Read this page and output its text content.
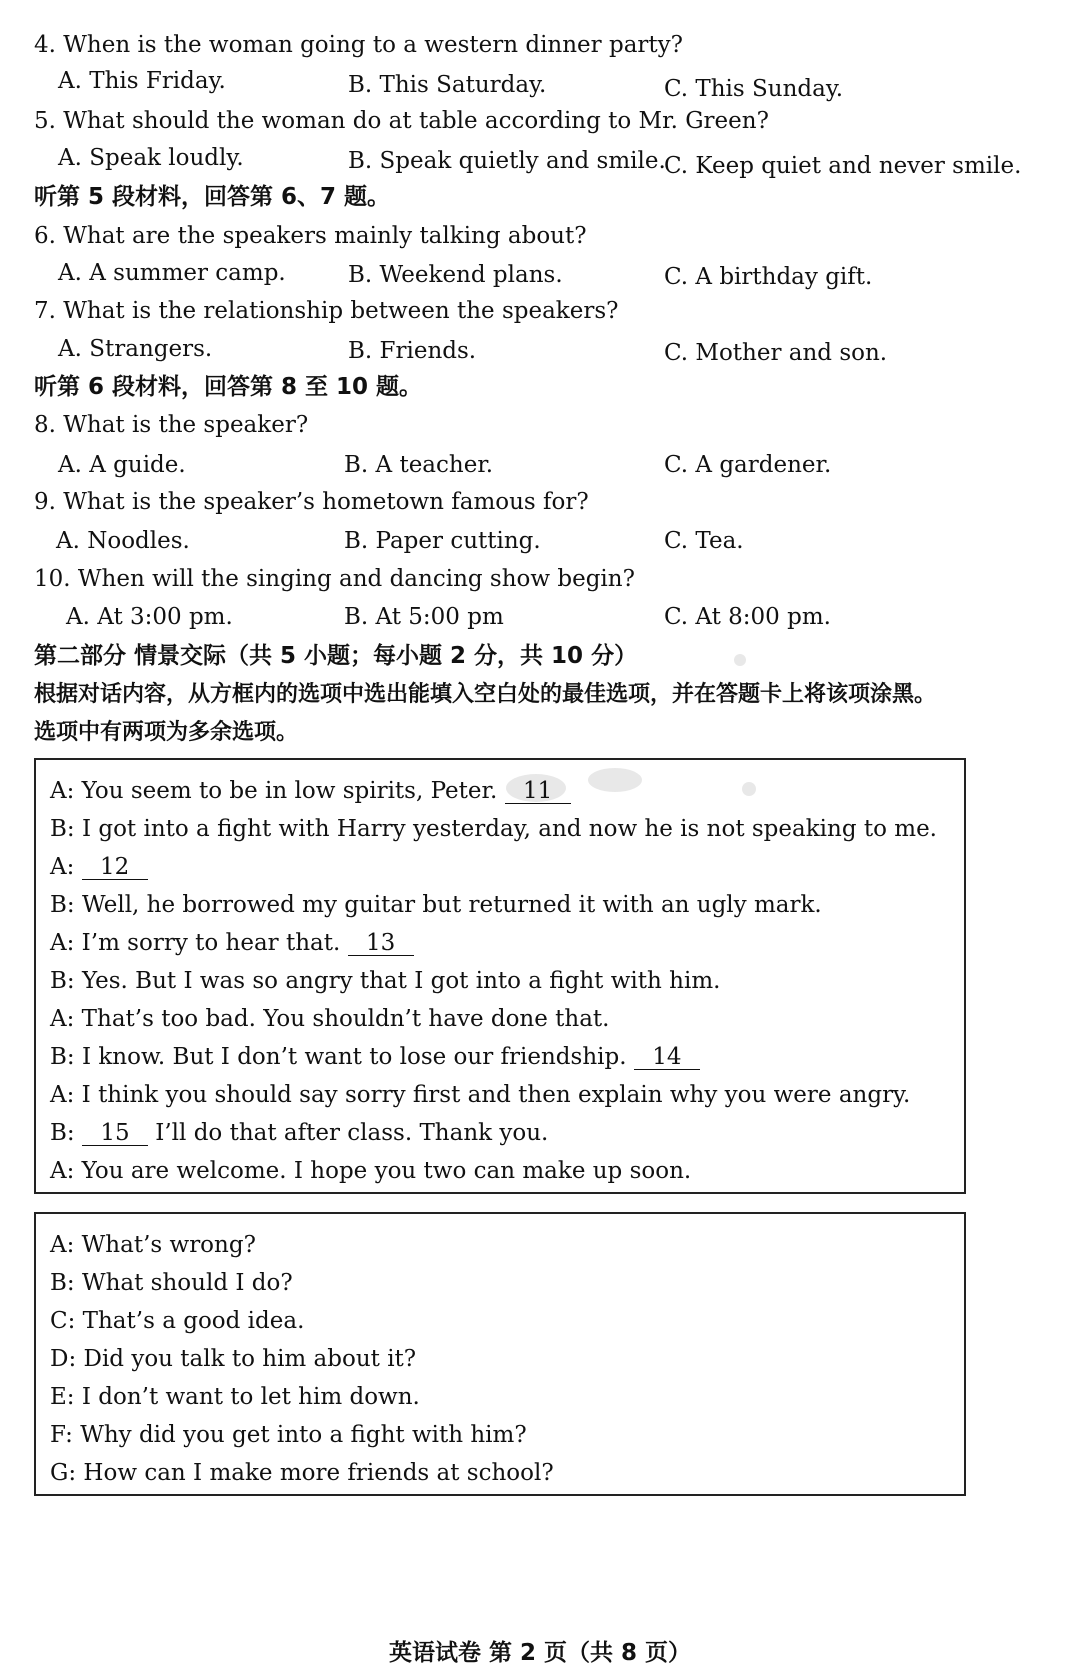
4. When is the woman going to a western dinner party?
A. This Friday.	B. This Saturday.	C. This Sunday.
5. What should the woman do at table according to Mr. Green?
A. Speak loudly.	B. Speak quietly and smile.
C. Keep quiet and never smile.
听第 5 段材料，回答第 6、7 题。
6. What are the speakers mainly talking about?
A. A summer camp.	B. Weekend plans.	C. A birthday gift.
7. What is the relationship between the speakers?
A. Strangers.	B. Friends.	C. Mother and son.
听第 6 段材料，回答第 8 至 10 题。
8. What is the speaker?
A. A guide.	B. A teacher.	C. A gardener.
9. What is the speaker’s hometown famous for?
A. Noodles.	B. Paper cutting.	C. Tea.
10. When will the singing and dancing show begin?
A. At 3:00 pm.	B. At 5:00 pm	C. At 8:00 pm.
第二部分 情景交际（共 5 小题；每小题 2 分，共 10 分）
根据对话内容，从方框内的选项中选出能填入空白处的最佳选项，并在答题卡上将该项涂黑。
选项中有两项为多余选项。
A: You seem to be in low spirits, Peter. 11
B: I got into a fight with Harry yesterday, and now he is not speaking to me.
A: 12
B: Well, he borrowed my guitar but returned it with an ugly mark.
A: I’m sorry to hear that. 13
B: Yes. But I was so angry that I got into a fight with him.
A: That’s too bad. You shouldn’t have done that.
B: I know. But I don’t want to lose our friendship. 14
A: I think you should say sorry first and then explain why you were angry.
B: 15 I’ll do that after class. Thank you.
A: You are welcome. I hope you two can make up soon.
A: What’s wrong?
B: What should I do?
C: That’s a good idea.
D: Did you talk to him about it?
E: I don’t want to let him down.
F: Why did you get into a fight with him?
G: How can I make more friends at school?
英语试卷 第 2 页（共 8 页）
